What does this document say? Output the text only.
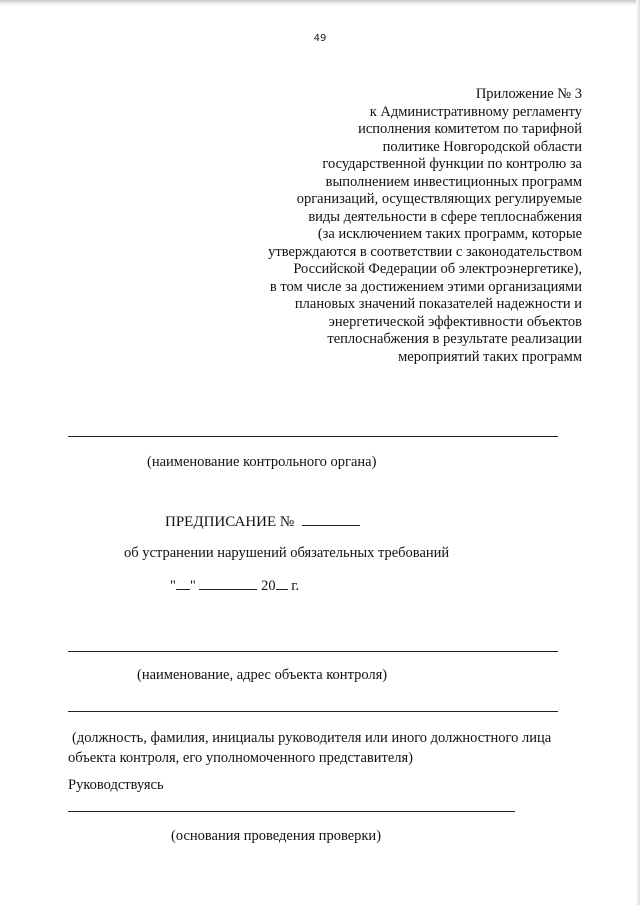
49
Приложение № 3
к Административному регламенту
исполнения комитетом по тарифной
политике Новгородской области
государственной функции по контролю за
выполнением инвестиционных программ
организаций, осуществляющих регулируемые
виды деятельности в сфере теплоснабжения
(за исключением таких программ, которые
утверждаются в соответствии с законодательством
Российской Федерации об электроэнергетике),
в том числе за достижением этими организациями
плановых значений показателей надежности и
энергетической эффективности объектов
теплоснабжения в результате реализации
мероприятий таких программ
(наименование контрольного органа)
ПРЕДПИСАНИЕ №
об устранении нарушений обязательных требований
" "	20 г.
(наименование, адрес объекта контроля)
(должность, фамилия, инициалы руководителя или иного должностного лица
объекта контроля, его уполномоченного представителя)
Руководствуясь
(основания проведения проверки)
